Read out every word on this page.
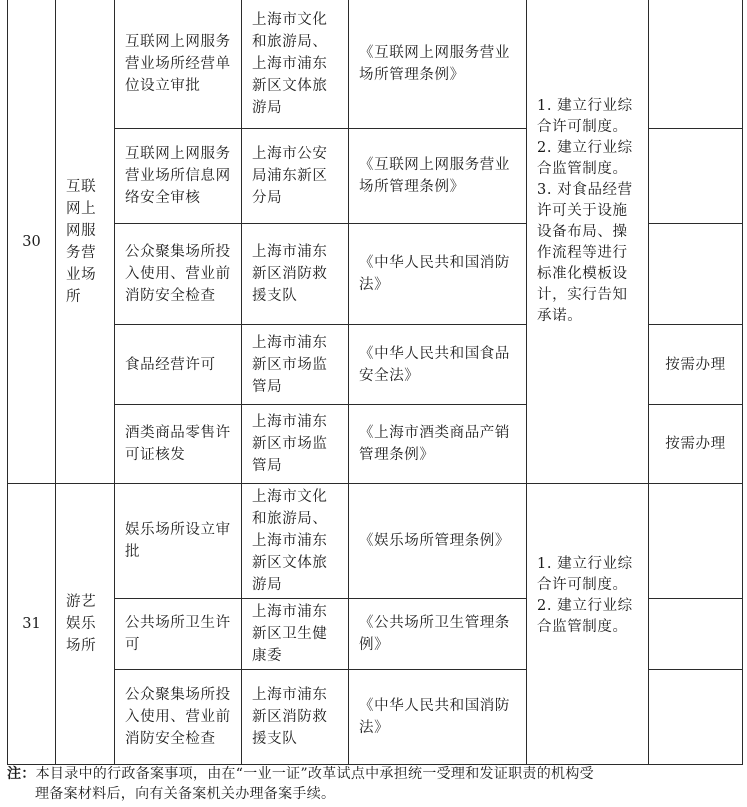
30	互联网上网服务营业场所	互联网上网服务营业场所经营单位设立审批	上海市文化和旅游局、上海市浦东新区文体旅游局	《互联网上网服务营业场所管理条例》	1. 建立行业综合许可制度。
2. 建立行业综合监管制度。
3. 对食品经营许可关于设施设备布局、操作流程等进行标准化模板设计，实行告知承诺。	

		互联网上网服务营业场所信息网络安全审核	上海市公安局浦东新区分局	《互联网上网服务营业场所管理条例》		
		公众聚集场所投入使用、营业前消防安全检查	上海市浦东新区消防救援支队	《中华人民共和国消防法》		
		食品经营许可	上海市浦东新区市场监管局	《中华人民共和国食品安全法》		按需办理
		酒类商品零售许可证核发	上海市浦东新区市场监管局	《上海市酒类商品产销管理条例》		按需办理
31	游艺娱乐场所	娱乐场所设立审批	上海市文化和旅游局、上海市浦东新区文体旅游局	《娱乐场所管理条例》	1. 建立行业综合许可制度。
2. 建立行业综合监管制度。	

		公共场所卫生许可	上海市浦东新区卫生健康委	《公共场所卫生管理条例》		
		公众聚集场所投入使用、营业前消防安全检查	上海市浦东新区消防救援支队	《中华人民共和国消防法》		
注：本目录中的行政备案事项，由在“一业一证”改革试点中承担统一受理和发证职责的机构受
理备案材料后，向有关备案机关办理备案手续。
